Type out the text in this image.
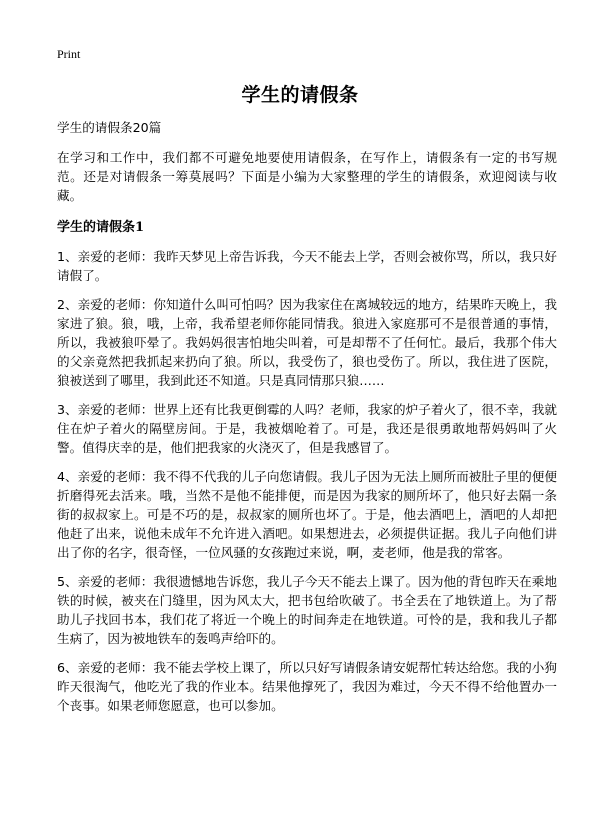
Print
学生的请假条

学生的请假条20篇

在学习和工作中，我们都不可避免地要使用请假条，在写作上，请假条有一定的书写规范。还是对请假条一筹莫展吗？下面是小编为大家整理的学生的请假条，欢迎阅读与收藏。

学生的请假条1

1、亲爱的老师：我昨天梦见上帝告诉我，今天不能去上学，否则会被你骂，所以，我只好请假了。

2、亲爱的老师：你知道什么叫可怕吗？因为我家住在离城较远的地方，结果昨天晚上，我家进了狼。狼，哦，上帝，我希望老师你能同情我。狼进入家庭那可不是很普通的事情，所以，我被狼吓晕了。我妈妈很害怕地尖叫着，可是却帮不了任何忙。最后，我那个伟大的父亲竟然把我抓起来扔向了狼。所以，我受伤了，狼也受伤了。所以，我住进了医院，狼被送到了哪里，我到此还不知道。只是真同情那只狼……

3、亲爱的老师：世界上还有比我更倒霉的人吗？老师，我家的炉子着火了，很不幸，我就住在炉子着火的隔壁房间。于是，我被烟呛着了。可是，我还是很勇敢地帮妈妈叫了火警。值得庆幸的是，他们把我家的火浇灭了，但是我感冒了。

4、亲爱的老师：我不得不代我的儿子向您请假。我儿子因为无法上厕所而被肚子里的便便折磨得死去活来。哦，当然不是他不能排便，而是因为我家的厕所坏了，他只好去隔一条街的叔叔家上。可是不巧的是，叔叔家的厕所也坏了。于是，他去酒吧上，酒吧的人却把他赶了出来，说他未成年不允许进入酒吧。如果想进去，必须提供证据。我儿子向他们讲出了你的名字，很奇怪，一位风骚的女孩跑过来说，啊，麦老师，他是我的常客。

5、亲爱的老师：我很遗憾地告诉您，我儿子今天不能去上课了。因为他的背包昨天在乘地铁的时候，被夹在门缝里，因为风太大，把书包给吹破了。书全丢在了地铁道上。为了帮助儿子找回书本，我们花了将近一个晚上的时间奔走在地铁道。可怜的是，我和我儿子都生病了，因为被地铁车的轰鸣声给吓的。

6、亲爱的老师：我不能去学校上课了，所以只好写请假条请安妮帮忙转达给您。我的小狗昨天很淘气，他吃光了我的作业本。结果他撑死了，我因为难过，今天不得不给他置办一个丧事。如果老师您愿意，也可以参加。
